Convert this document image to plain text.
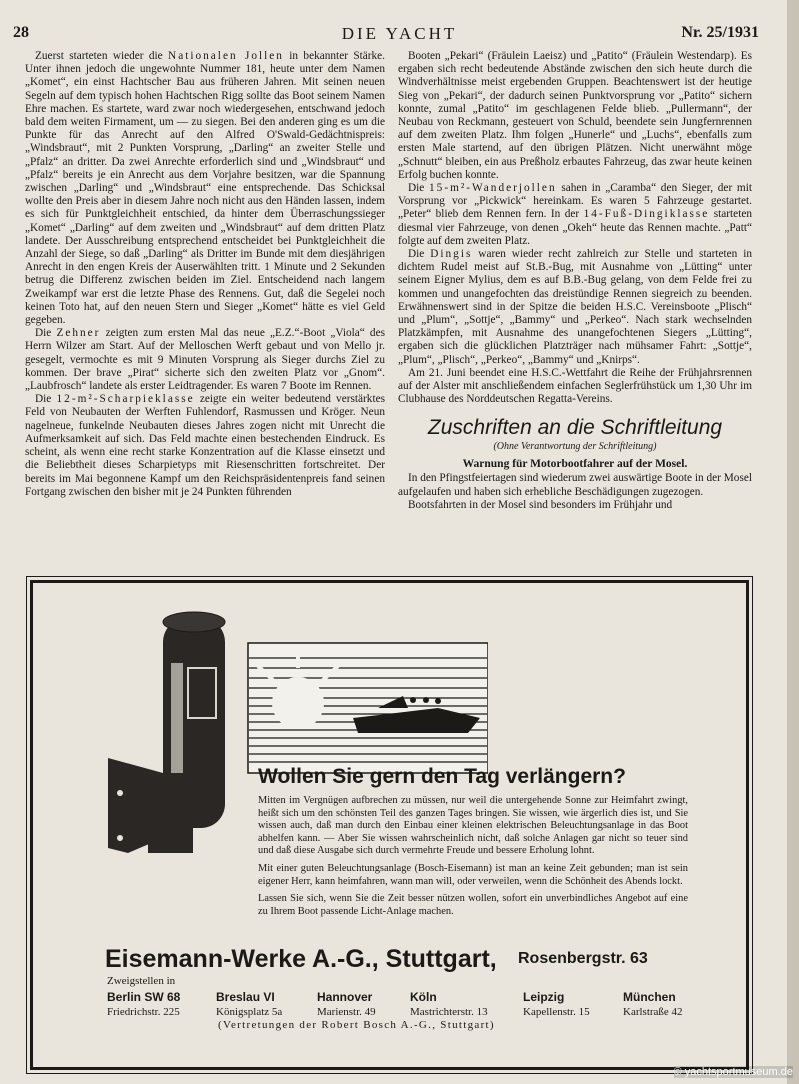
28	DIE YACHT	Nr. 25/1931

Zuerst starteten wieder die Nationalen Jollen in bekannter Stärke. Unter ihnen jedoch die ungewohnte Nummer 181, heute unter dem Namen „Komet“, ein einst Hachtscher Bau aus früheren Jahren. Mit seinen neuen Segeln auf dem typisch hohen Hachtschen Rigg sollte das Boot seinem Namen Ehre machen. Es startete, ward zwar noch wiedergesehen, entschwand jedoch bald dem weiten Firmament, um — zu siegen. Bei den anderen ging es um die Punkte für das Anrecht auf den Alfred O'Swald-Gedächtnispreis: „Windsbraut“, mit 2 Punkten Vorsprung, „Darling“ an zweiter Stelle und „Pfalz“ an dritter. Da zwei Anrechte erforderlich sind und „Windsbraut“ und „Pfalz“ bereits je ein Anrecht aus dem Vorjahre besitzen, war die Spannung zwischen „Darling“ und „Windsbraut“ eine entsprechende. Das Schicksal wollte den Preis aber in diesem Jahre noch nicht aus den Händen lassen, indem es sich für Punktgleichheit entschied, da hinter dem Überraschungssieger „Komet“ „Darling“ auf dem zweiten und „Windsbraut“ auf dem dritten Platz landete. Der Ausschreibung entsprechend entscheidet bei Punktgleichheit die Anzahl der Siege, so daß „Darling“ als Dritter im Bunde mit dem diesjährigen Anrecht in den engen Kreis der Auserwählten tritt. 1 Minute und 2 Sekunden betrug die Differenz zwischen beiden im Ziel. Entscheidend nach langem Zweikampf war erst die letzte Phase des Rennens. Gut, daß die Segelei noch keinen Toto hat, auf den neuen Stern und Sieger „Komet“ hätte es viel Geld gegeben.

Die Zehner zeigten zum ersten Mal das neue „E.Z.“-Boot „Viola“ des Herrn Wilzer am Start. Auf der Melloschen Werft gebaut und von Mello jr. gesegelt, vermochte es mit 9 Minuten Vorsprung als Sieger durchs Ziel zu kommen. Der brave „Pirat“ sicherte sich den zweiten Platz vor „Gnom“. „Laubfrosch“ landete als erster Leidtragender. Es waren 7 Boote im Rennen.

Die 12-m²-Scharpieklasse zeigte ein weiter bedeutend verstärktes Feld von Neubauten der Werften Fuhlendorf, Rasmussen und Kröger. Neun nagelneue, funkelnde Neubauten dieses Jahres zogen nicht mit Unrecht die Aufmerksamkeit auf sich. Das Feld machte einen bestechenden Eindruck. Es scheint, als wenn eine recht starke Konzentration auf die Klasse einsetzt und die Beliebtheit dieses Scharpietyps mit Riesenschritten fortschreitet. Der bereits im Mai begonnene Kampf um den Reichspräsidentenpreis fand seinen Fortgang zwischen den bisher mit je 24 Punkten führenden

Booten „Pekari“ (Fräulein Laeisz) und „Patito“ (Fräulein Westendarp). Es ergaben sich recht bedeutende Abstände zwischen den sich heute durch die Windverhältnisse meist ergebenden Gruppen. Beachtenswert ist der heutige Sieg von „Pekari“, der dadurch seinen Punktvorsprung vor „Patito“ sichern konnte, zumal „Patito“ im geschlagenen Felde blieb. „Pullermann“, der Neubau von Reckmann, gesteuert von Schuld, beendete sein Jungfernrennen auf dem zweiten Platz. Ihm folgen „Hunerle“ und „Luchs“, ebenfalls zum ersten Male startend, auf den übrigen Plätzen. Nicht unerwähnt möge „Schnutt“ bleiben, ein aus Preßholz erbautes Fahrzeug, das zwar heute keinen Erfolg buchen konnte.

Die 15-m²-Wanderjollen sahen in „Caramba“ den Sieger, der mit Vorsprung vor „Pickwick“ hereinkam. Es waren 5 Fahrzeuge gestartet. „Peter“ blieb dem Rennen fern. In der 14-Fuß-Dingiklasse starteten diesmal vier Fahrzeuge, von denen „Okeh“ heute das Rennen machte. „Patt“ folgte auf dem zweiten Platz.

Die Dingis waren wieder recht zahlreich zur Stelle und starteten in dichtem Rudel meist auf St.B.-Bug, mit Ausnahme von „Lütting“ unter seinem Eigner Mylius, dem es auf B.B.-Bug gelang, von dem Felde frei zu kommen und unangefochten das dreistündige Rennen siegreich zu beenden. Erwähnenswert sind in der Spitze die beiden H.S.C. Vereinsboote „Plisch“ und „Plum“, „Sottje“, „Bammy“ und „Perkeo“. Nach stark wechselnden Platzkämpfen, mit Ausnahme des unangefochtenen Siegers „Lütting“, ergaben sich die glücklichen Platzträger nach mühsamer Fahrt: „Sottje“, „Plum“, „Plisch“, „Perkeo“, „Bammy“ und „Knirps“.

Am 21. Juni beendet eine H.S.C.-Wettfahrt die Reihe der Frühjahrsrennen auf der Alster mit anschließendem einfachen Seglerfrühstück um 1,30 Uhr im Clubhause des Norddeutschen Regatta-Vereins.

Zuschriften an die Schriftleitung
(Ohne Verantwortung der Schriftleitung)
Warnung für Motorbootfahrer auf der Mosel.

In den Pfingstfeiertagen sind wiederum zwei auswärtige Boote in der Mosel aufgelaufen und haben sich erhebliche Beschädigungen zugezogen.

Bootsfahrten in der Mosel sind besonders im Frühjahr und

Wollen Sie gern den Tag verlängern?

Mitten im Vergnügen aufbrechen zu müssen, nur weil die untergehende Sonne zur Heimfahrt zwingt, heißt sich um den schönsten Teil des ganzen Tages bringen. Sie wissen, wie ärgerlich dies ist, und Sie wissen auch, daß man durch den Einbau einer kleinen elektrischen Beleuchtungsanlage in das Boot abhelfen kann. — Aber Sie wissen wahrscheinlich nicht, daß solche Anlagen gar nicht so teuer sind und daß diese Ausgabe sich durch vermehrte Freude und bessere Erholung lohnt.

Mit einer guten Beleuchtungsanlage (Bosch-Eisemann) ist man an keine Zeit gebunden; man ist sein eigener Herr, kann heimfahren, wann man will, oder verweilen, wenn die Schönheit des Abends lockt.

Lassen Sie sich, wenn Sie die Zeit besser nützen wollen, sofort ein unverbindliches Angebot auf eine zu Ihrem Boot passende Licht-Anlage machen.

Eisemann-Werke A.-G., Stuttgart, Rosenbergstr. 63
Zweigstellen in
Berlin SW 68
Friedrichstr. 225
Breslau VI
Königsplatz 5a
Hannover
Marienstr. 49
Köln
Mastrichterstr. 13
Leipzig
Kapellenstr. 15
München
Karlstraße 42
(Vertretungen der Robert Bosch A.-G., Stuttgart)
© yachtsportmuseum.de
